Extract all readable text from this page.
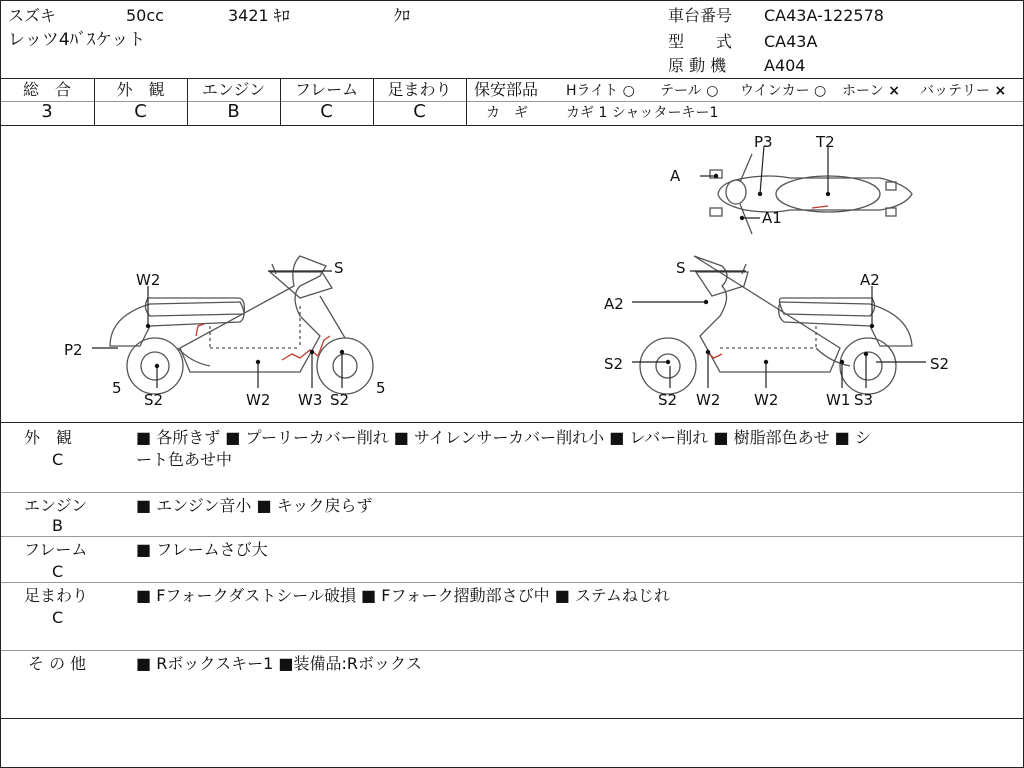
スズキ	50cc	3421 ｷﾛ	ｸﾛ
レッツ4ﾊﾞｽケット
車台番号 CA43A-122578
型　　式 CA43A
原 動 機 A404
総　合
3
外　観
C
エンジン
B
フレーム
C
足まわり
C
保安部品 Hライト ○ テール ○ ウインカー ○ ホーン × バッテリー ×
カ　ギ	カギ 1 シャッターキー1
P3	T2
A
A1
W2
S
P2
5
S2	W2 W3 S2
5
S
A2
A2
S2
S2
S2
W2 W2	W1 S3
外　観
C
■ 各所きず ■ プーリーカバー削れ ■ サイレンサーカバー削れ小 ■ レバー削れ ■ 樹脂部色あせ ■ シ
ート色あせ中
エンジン
B
■ エンジン音小 ■ キック戻らず
フレーム
C
■ フレームさび大
足まわり
C
■ Fフォークダストシール破損 ■ Fフォーク摺動部さび中 ■ ステムねじれ
そ の 他	■ Rボックスキー1 ■装備品:Rボックス
